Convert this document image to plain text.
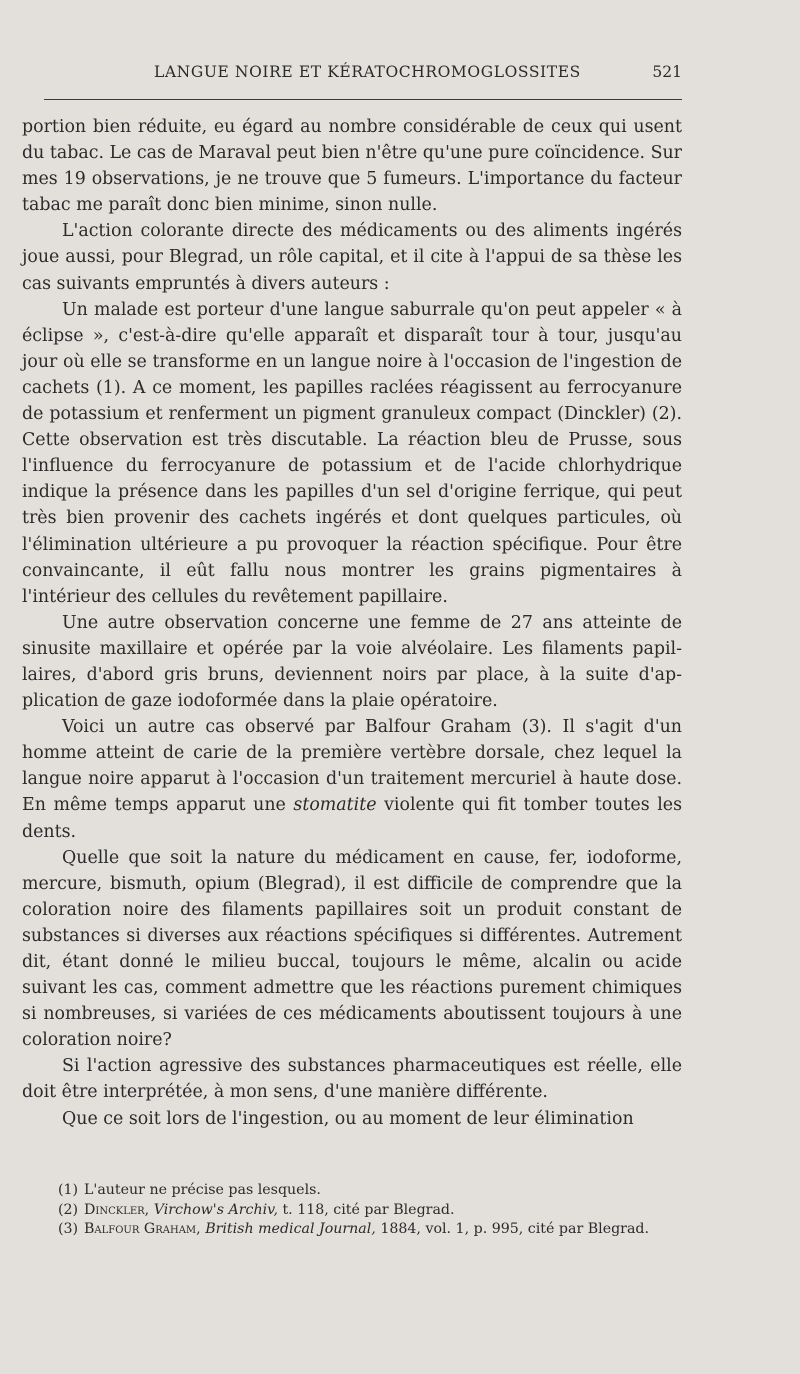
LANGUE NOIRE ET KÉRATOCHROMOGLOSSITES	521

portion bien réduite, eu égard au nombre considérable de ceux qui usent du tabac. Le cas de Maraval peut bien n'être qu'une pure coïncidence. Sur mes 19 observations, je ne trouve que 5 fumeurs. L'importance du facteur tabac me paraît donc bien minime, sinon nulle.

L'action colorante directe des médicaments ou des aliments ingérés joue aussi, pour Blegrad, un rôle capital, et il cite à l'appui de sa thèse les cas suivants empruntés à divers auteurs :

Un malade est porteur d'une langue saburrale qu'on peut appeler « à éclipse », c'est-à-dire qu'elle apparaît et disparaît tour à tour, jusqu'au jour où elle se transforme en un langue noire à l'occasion de l'ingestion de cachets (1). A ce moment, les papilles raclées réagissent au ferrocyanure de potassium et renferment un pigment granuleux compact (Dinckler) (2). Cette observation est très discutable. La réaction bleu de Prusse, sous l'influence du ferrocyanure de potassium et de l'acide chlorhydrique indique la présence dans les papilles d'un sel d'origine ferrique, qui peut très bien provenir des cachets ingérés et dont quelques particules, où l'élimination ultérieure a pu provoquer la réaction spécifique. Pour être convaincante, il eût fallu nous montrer les grains pigmentaires à l'intérieur des cellules du revêtement papillaire.

Une autre observation concerne une femme de 27 ans atteinte de sinusite maxillaire et opérée par la voie alvéolaire. Les filaments papillaires, d'abord gris bruns, deviennent noirs par place, à la suite d'application de gaze iodoformée dans la plaie opératoire.

Voici un autre cas observé par Balfour Graham (3). Il s'agit d'un homme atteint de carie de la première vertèbre dorsale, chez lequel la langue noire apparut à l'occasion d'un traitement mercuriel à haute dose. En même temps apparut une stomatite violente qui fit tomber toutes les dents.

Quelle que soit la nature du médicament en cause, fer, iodoforme, mercure, bismuth, opium (Blegrad), il est difficile de comprendre que la coloration noire des filaments papillaires soit un produit constant de substances si diverses aux réactions spécifiques si différentes. Autrement dit, étant donné le milieu buccal, toujours le même, alcalin ou acide suivant les cas, comment admettre que les réactions purement chimiques si nombreuses, si variées de ces médicaments aboutissent toujours à une coloration noire?

Si l'action agressive des substances pharmaceutiques est réelle, elle doit être interprétée, à mon sens, d'une manière différente.

Que ce soit lors de l'ingestion, ou au moment de leur élimination

(1) L'auteur ne précise pas lesquels.

(2) Dinckler, Virchow's Archiv, t. 118, cité par Blegrad.

(3) Balfour Graham, British medical Journal, 1884, vol. 1, p. 995, cité par Blegrad.
